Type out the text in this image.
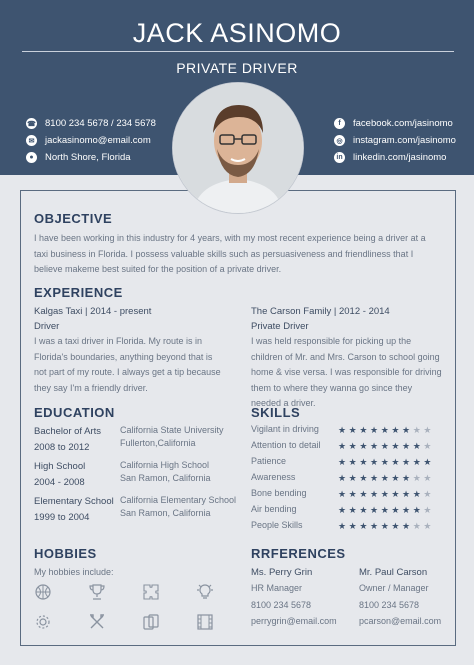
JACK ASINOMO
PRIVATE DRIVER
☎ 8100 234 5678 / 234 5678
✉ jackasinomo@email.com
●	North Shore, Florida
f	facebook.com/jasinomo
◎ instagram.com/jasinomo
in linkedin.com/jasinomo
OBJECTIVE
I have been working in this industry for 4 years, with my most recent experience being a driver at a taxi business in Florida. I possess valuable skills such as persuasiveness and friendliness that I believe makeme best suited for the position of a private driver.
EXPERIENCE
Kalgas Taxi | 2014 - present
Driver
I was a taxi driver in Florida. My route is in Florida's boundaries, anything beyond that is not part of my route. I always get a tip because they say I'm a friendly driver.
The Carson Family | 2012 - 2014
Private Driver
I was held responsible for picking up the children of Mr. and Mrs. Carson to school going home & vise versa. I was responsible for driving them to where they wanna go since they needed a driver.
EDUCATION
Bachelor of Arts
2008 to 2012
California State University
Fullerton,California
High School
2004 - 2008
California High School
San Ramon, California
Elementary School
1999 to 2004
California Elementary School
San Ramon, California
SKILLS
Vigilant in driving ★★★★★★★★★
Attention to detail ★★★★★★★★★
Patience	★★★★★★★★★
Awareness	★★★★★★★★★
Bone bending	★★★★★★★★★
Air bending	★★★★★★★★★
People Skills	★★★★★★★★★
HOBBIES
My hobbies include:
RRFERENCES
Ms. Perry Grin
HR Manager
8100 234 5678
perrygrin@email.com
Mr. Paul Carson
Owner / Manager
8100 234 5678
pcarson@email.com
